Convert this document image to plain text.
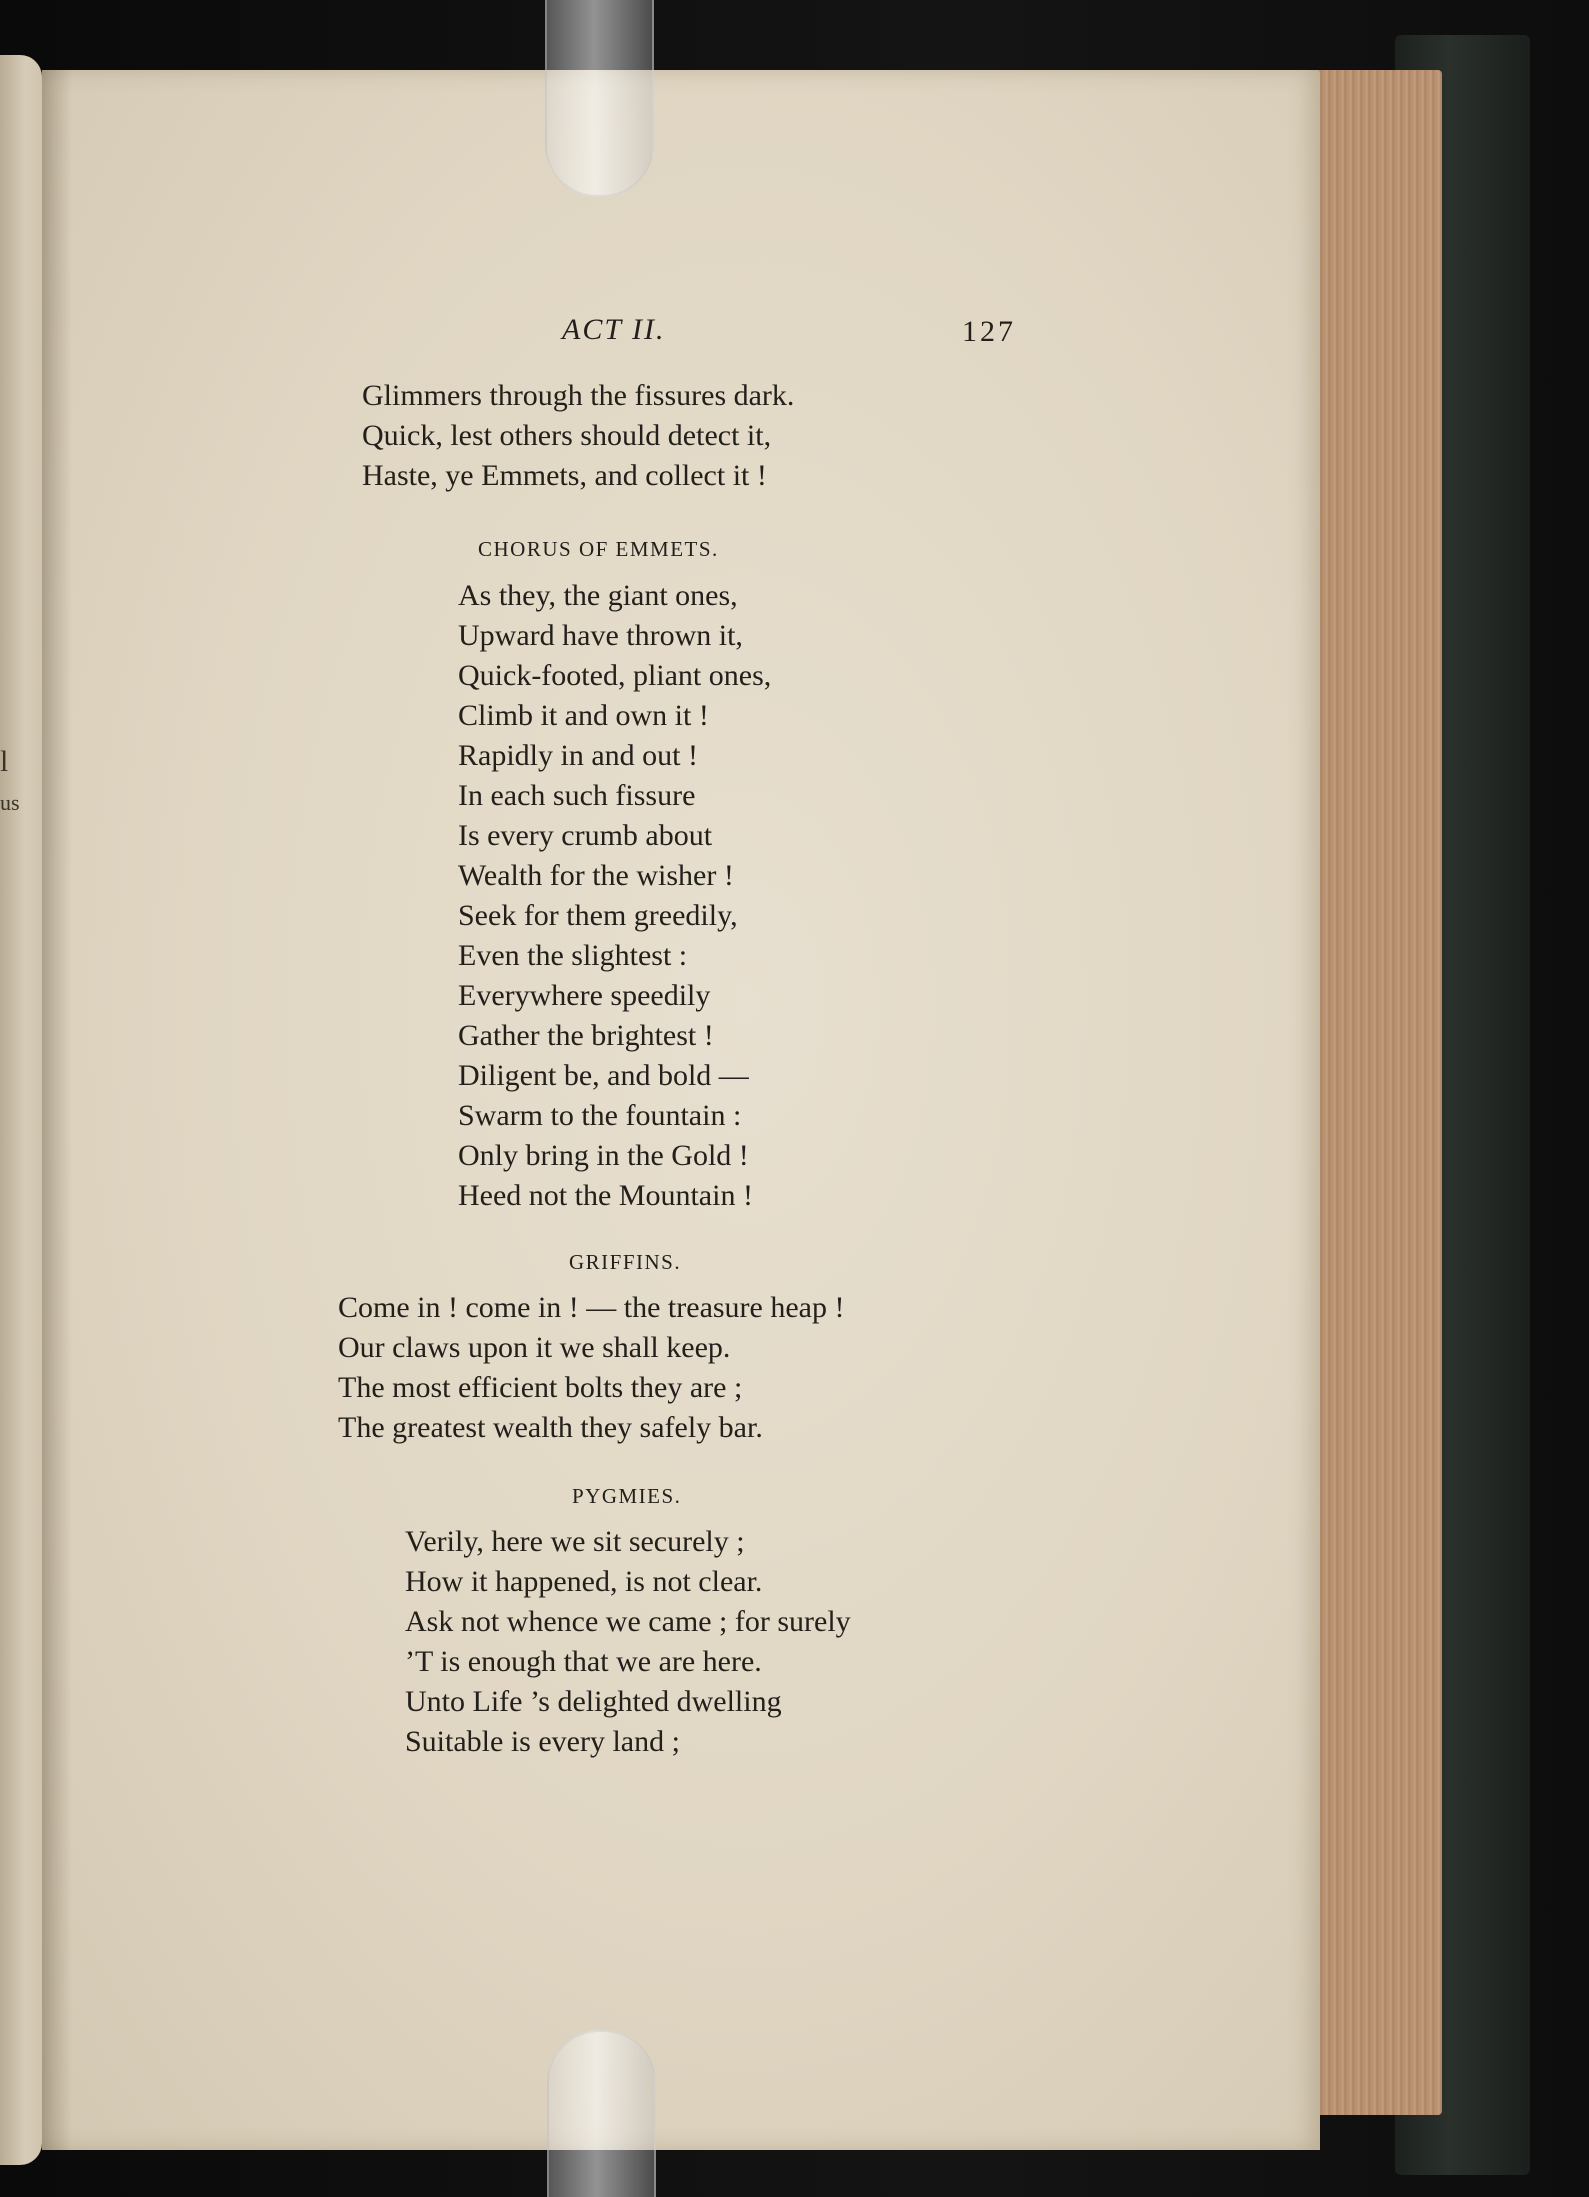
l
us
ACT II.	127
Glimmers through the fissures dark.
Quick, lest others should detect it,
Haste, ye Emmets, and collect it !
CHORUS OF EMMETS.
As they, the giant ones,
Upward have thrown it,
Quick-footed, pliant ones,
Climb it and own it !
Rapidly in and out !
In each such fissure
Is every crumb about
Wealth for the wisher !
Seek for them greedily,
Even the slightest :
Everywhere speedily
Gather the brightest !
Diligent be, and bold —
Swarm to the fountain :
Only bring in the Gold !
Heed not the Mountain !
GRIFFINS.
Come in ! come in ! — the treasure heap !
Our claws upon it we shall keep.
The most efficient bolts they are ;
The greatest wealth they safely bar.
PYGMIES.
Verily, here we sit securely ;
How it happened, is not clear.
Ask not whence we came ; for surely
’T is enough that we are here.
Unto Life ’s delighted dwelling
Suitable is every land ;
